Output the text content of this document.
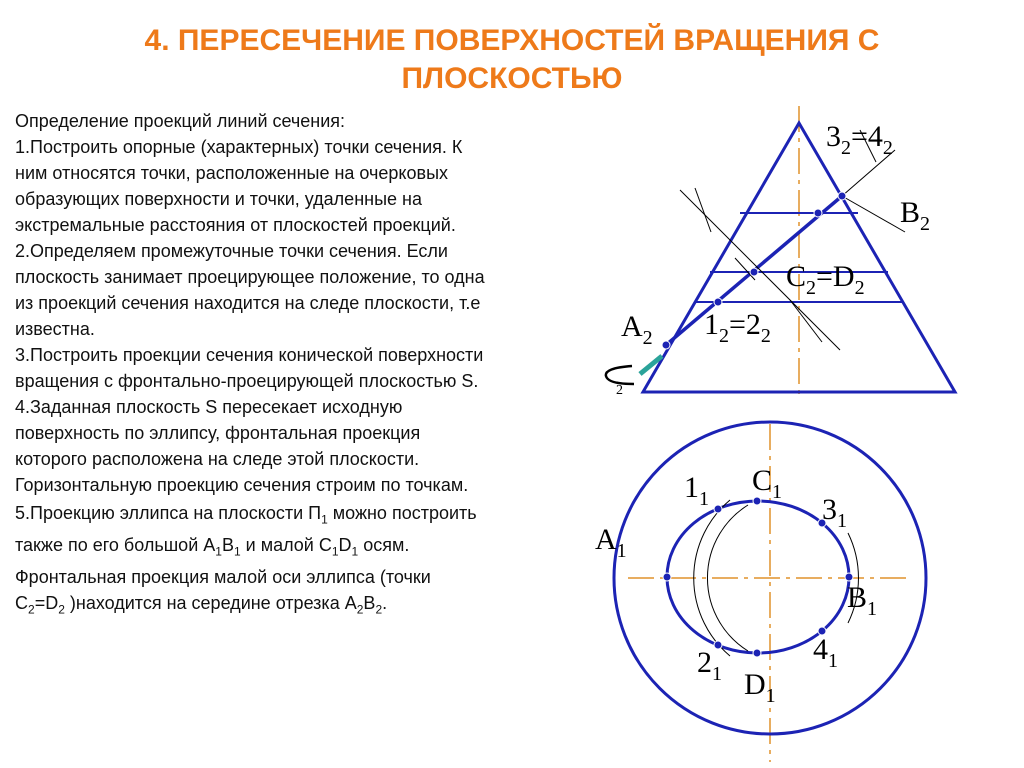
4. ПЕРЕСЕЧЕНИЕ ПОВЕРХНОСТЕЙ ВРАЩЕНИЯ С
ПЛОСКОСТЬЮ
Определение проекций линий сечения:
1.Построить опорные (характерных) точки сечения. К
ним относятся точки, расположенные на очерковых
образующих поверхности и точки, удаленные на
экстремальные расстояния от плоскостей проекций.
2.Определяем промежуточные точки сечения. Если
плоскость занимает проецирующее положение, то одна
из проекций сечения находится на следе плоскости, т.е
известна.
3.Построить проекции сечения конической поверхности
вращения с фронтально-проецирующей плоскостью S.
4.Заданная плоскость S пересекает исходную
поверхность по эллипсу, фронтальная проекция
которого расположена на следе этой плоскости.
Горизонтальную проекцию сечения строим по точкам.
5.Проекцию эллипса на плоскости $П_1$ можно построить
также по его большой $А_1В_1$ и малой $С_1D_1$ осям.
Фронтальная проекция малой оси эллипса (точки
$С_2=D_2$ )находится на середине отрезка $А_2В_2$.
$3_2=4_2$
$B_2$
$C_2=D_2$
$A_2$ $1_2=2_2$
2
$A_1$
$1_1$
$C_1$
$3_1$
$B_1$
$4_1$
$2_1$ $D_1$
